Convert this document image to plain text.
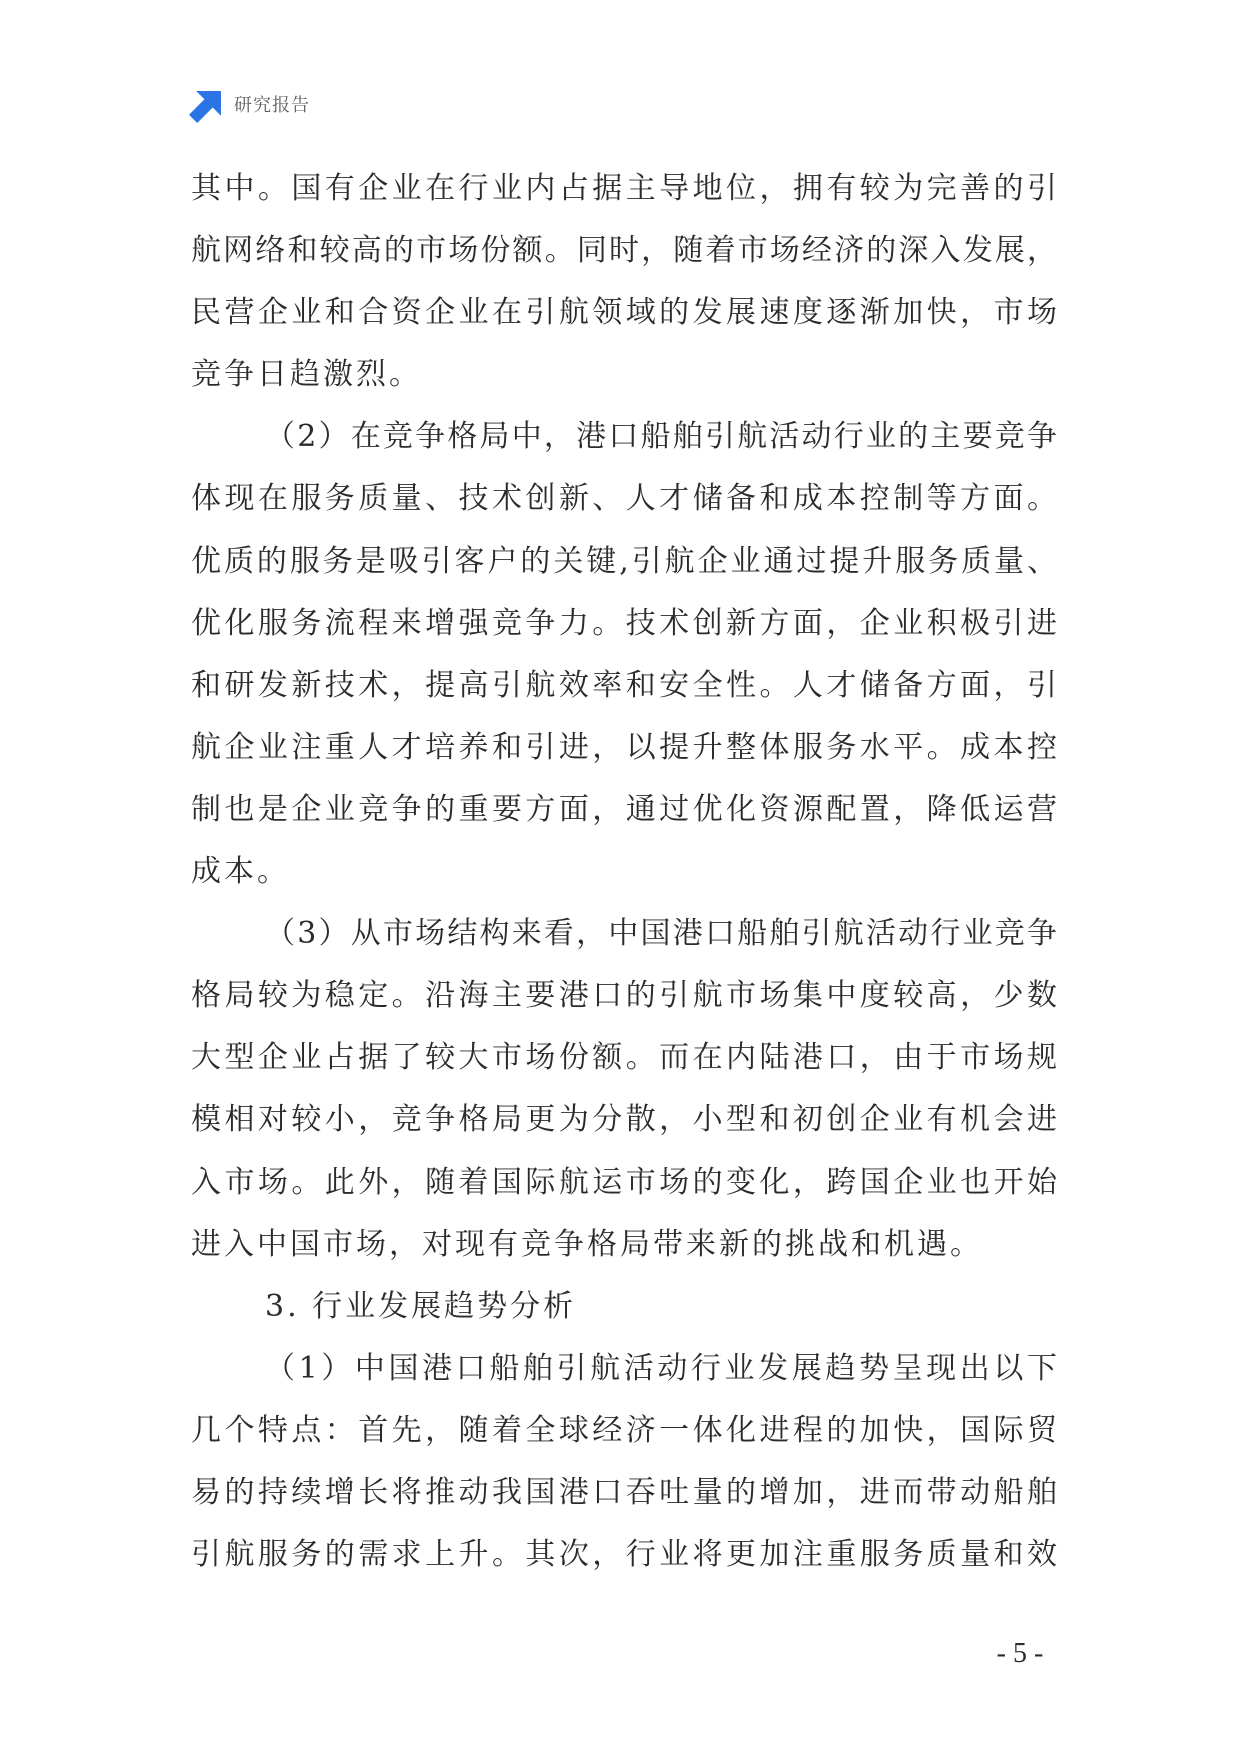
研究报告
其中。国有企业在行业内占据主导地位，拥有较为完善的引
航网络和较高的市场份额。同时，随着市场经济的深入发展，
民营企业和合资企业在引航领域的发展速度逐渐加快，市场
竞争日趋激烈。
（2）在竞争格局中，港口船舶引航活动行业的主要竞争
体现在服务质量、技术创新、人才储备和成本控制等方面。
优质的服务是吸引客户的关键,引航企业通过提升服务质量、
优化服务流程来增强竞争力。技术创新方面，企业积极引进
和研发新技术，提高引航效率和安全性。人才储备方面，引
航企业注重人才培养和引进，以提升整体服务水平。成本控
制也是企业竞争的重要方面，通过优化资源配置，降低运营
成本。
（3）从市场结构来看，中国港口船舶引航活动行业竞争
格局较为稳定。沿海主要港口的引航市场集中度较高，少数
大型企业占据了较大市场份额。而在内陆港口，由于市场规
模相对较小，竞争格局更为分散，小型和初创企业有机会进
入市场。此外，随着国际航运市场的变化，跨国企业也开始
进入中国市场，对现有竞争格局带来新的挑战和机遇。
3. 行业发展趋势分析
（1）中国港口船舶引航活动行业发展趋势呈现出以下
几个特点：首先，随着全球经济一体化进程的加快，国际贸
易的持续增长将推动我国港口吞吐量的增加，进而带动船舶
引航服务的需求上升。其次，行业将更加注重服务质量和效
- 5 -
